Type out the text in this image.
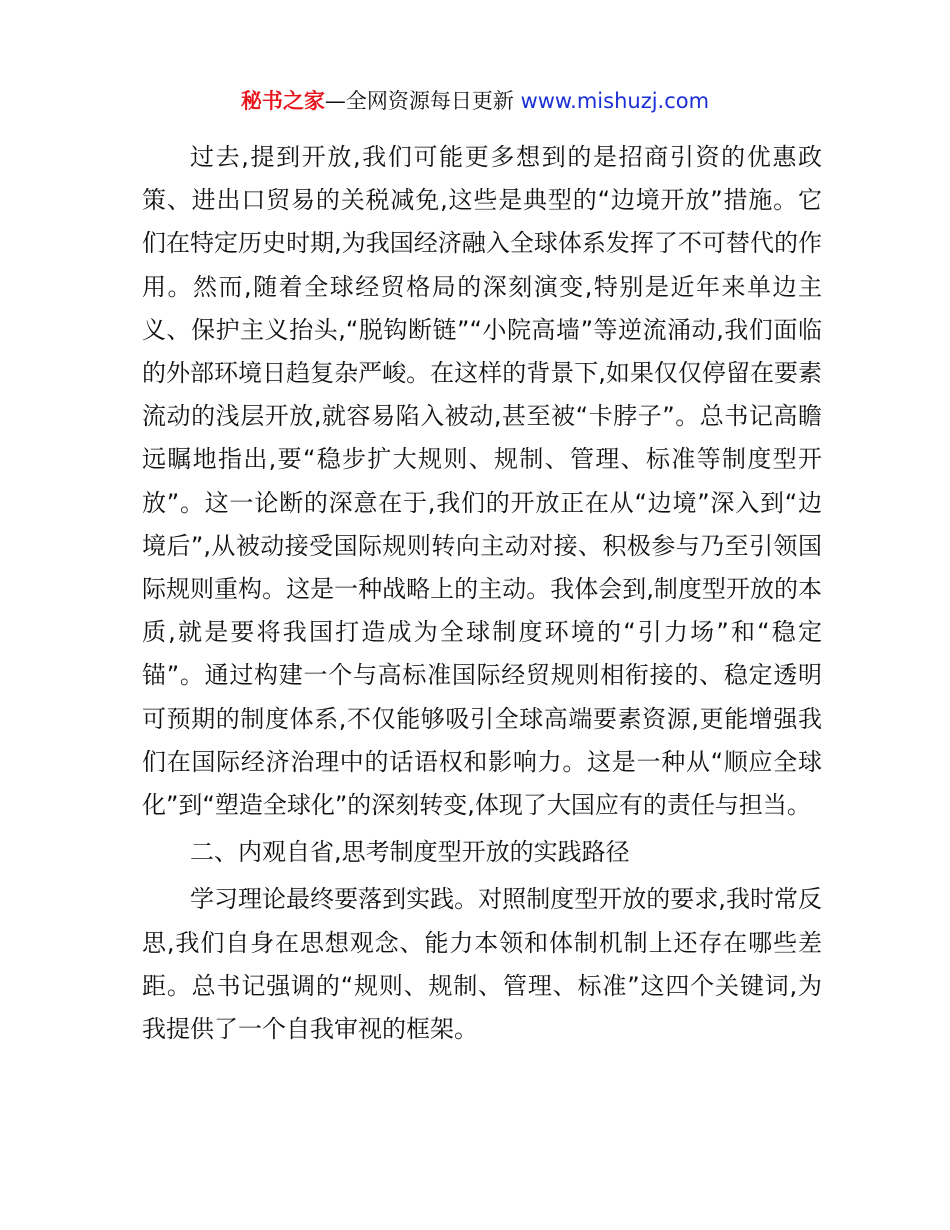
秘书之家—全网资源每日更新 www.mishuzj.com

过去,提到开放,我们可能更多想到的是招商引资的优惠政策、进出口贸易的关税减免,这些是典型的“边境开放”措施。它们在特定历史时期,为我国经济融入全球体系发挥了不可替代的作用。然而,随着全球经贸格局的深刻演变,特别是近年来单边主义、保护主义抬头,“脱钩断链”“小院高墙”等逆流涌动,我们面临的外部环境日趋复杂严峻。在这样的背景下,如果仅仅停留在要素流动的浅层开放,就容易陷入被动,甚至被“卡脖子”。总书记高瞻远瞩地指出,要“稳步扩大规则、规制、管理、标准等制度型开放”。这一论断的深意在于,我们的开放正在从“边境”深入到“边境后”,从被动接受国际规则转向主动对接、积极参与乃至引领国际规则重构。这是一种战略上的主动。我体会到,制度型开放的本质,就是要将我国打造成为全球制度环境的“引力场”和“稳定锚”。通过构建一个与高标准国际经贸规则相衔接的、稳定透明可预期的制度体系,不仅能够吸引全球高端要素资源,更能增强我们在国际经济治理中的话语权和影响力。这是一种从“顺应全球化”到“塑造全球化”的深刻转变,体现了大国应有的责任与担当。

二、内观自省,思考制度型开放的实践路径

学习理论最终要落到实践。对照制度型开放的要求,我时常反思,我们自身在思想观念、能力本领和体制机制上还存在哪些差距。总书记强调的“规则、规制、管理、标准”这四个关键词,为我提供了一个自我审视的框架。
